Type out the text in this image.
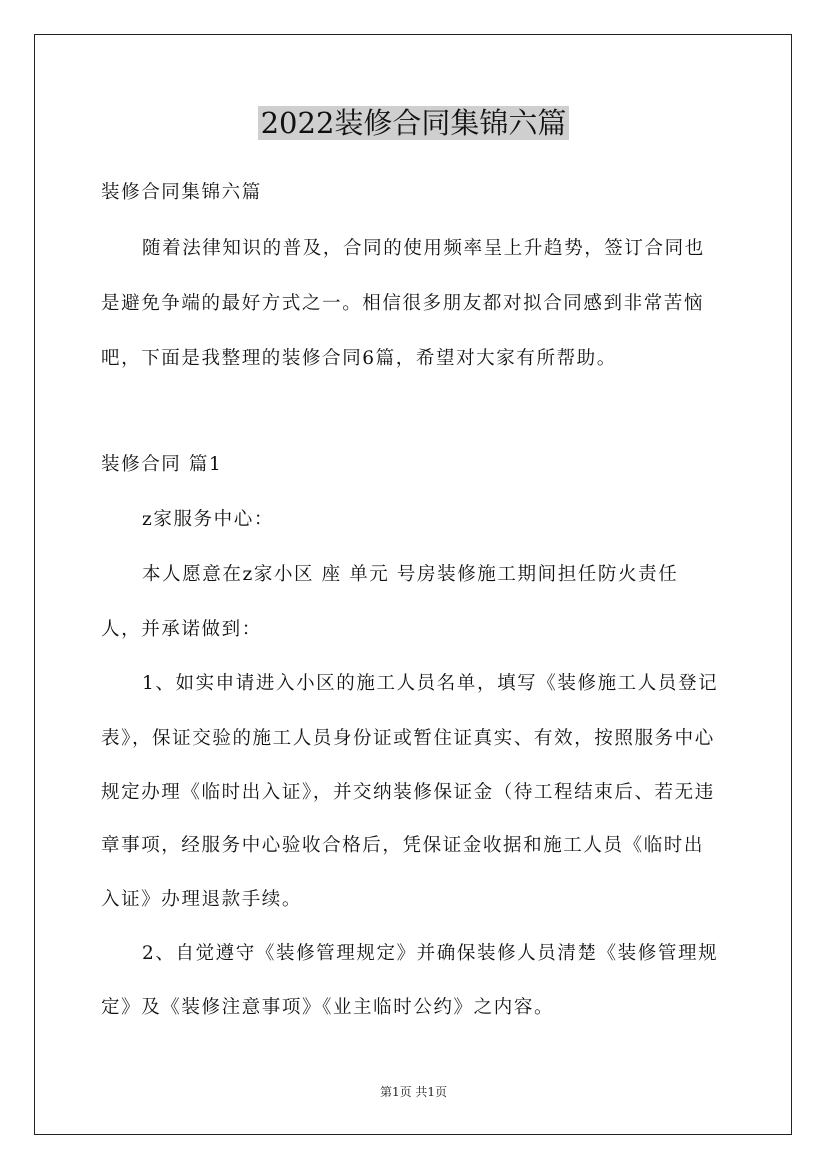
2022装修合同集锦六篇
装修合同集锦六篇
随着法律知识的普及，合同的使用频率呈上升趋势，签订合同也
是避免争端的最好方式之一。相信很多朋友都对拟合同感到非常苦恼
吧，下面是我整理的装修合同6篇，希望对大家有所帮助。
装修合同 篇1
z家服务中心：
本人愿意在z家小区 座 单元 号房装修施工期间担任防火责任
人，并承诺做到：
1、如实申请进入小区的施工人员名单，填写《装修施工人员登记
表》，保证交验的施工人员身份证或暂住证真实、有效，按照服务中心
规定办理《临时出入证》，并交纳装修保证金（待工程结束后、若无违
章事项，经服务中心验收合格后，凭保证金收据和施工人员《临时出
入证》办理退款手续。
2、自觉遵守《装修管理规定》并确保装修人员清楚《装修管理规
定》及《装修注意事项》《业主临时公约》之内容。
第1页 共1页
